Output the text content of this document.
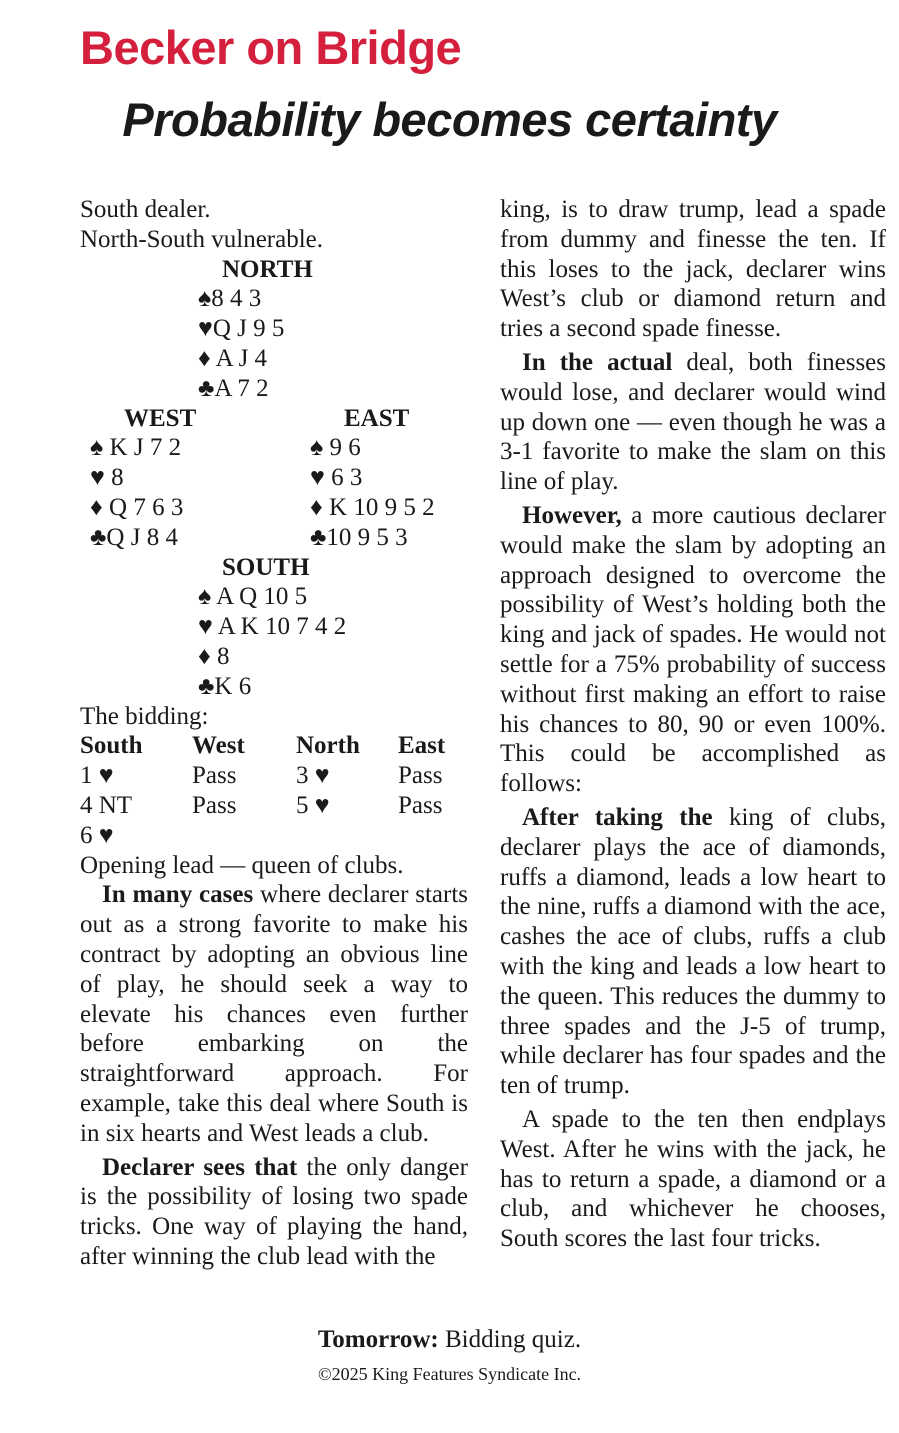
Becker on Bridge
Probability becomes certainty
South dealer.
North-South vulnerable.
NORTH
♠8 4 3
♥Q J 9 5
♦ A J 4
♣A 7 2
WEST	EAST
♠ K J 7 2	♠ 9 6
♥ 8	♥ 6 3
♦ Q 7 6 3	♦ K 10 9 5 2
♣Q J 8 4	♣10 9 5 3
SOUTH
♠ A Q 10 5
♥ A K 10 7 4 2
♦ 8
♣K 6
The bidding:
South West North East
1 ♥	Pass 3 ♥	Pass
4 NT Pass 5 ♥	Pass
6 ♥
Opening lead — queen of clubs.

In many cases where declarer starts out as a strong favorite to make his contract by adopting an obvious line of play, he should seek a way to elevate his chances even further before embarking on the straightforward approach. For example, take this deal where South is in six hearts and West leads a club.

Declarer sees that the only danger is the possibility of losing two spade tricks. One way of playing the hand, after winning the club lead with the

king, is to draw trump, lead a spade from dummy and finesse the ten. If this loses to the jack, declarer wins West’s club or diamond return and tries a second spade finesse.

In the actual deal, both finesses would lose, and declarer would wind up down one — even though he was a 3-1 favorite to make the slam on this line of play.

However, a more cautious declarer would make the slam by adopting an approach designed to overcome the possibility of West’s holding both the king and jack of spades. He would not settle for a 75% probability of success without first making an effort to raise his chances to 80, 90 or even 100%. This could be accomplished as follows:

After taking the king of clubs, declarer plays the ace of diamonds, ruffs a diamond, leads a low heart to the nine, ruffs a diamond with the ace, cashes the ace of clubs, ruffs a club with the king and leads a low heart to the queen. This reduces the dummy to three spades and the J-5 of trump, while declarer has four spades and the ten of trump.

A spade to the ten then endplays West. After he wins with the jack, he has to return a spade, a diamond or a club, and whichever he chooses, South scores the last four tricks.

Tomorrow: Bidding quiz.
©2025 King Features Syndicate Inc.
